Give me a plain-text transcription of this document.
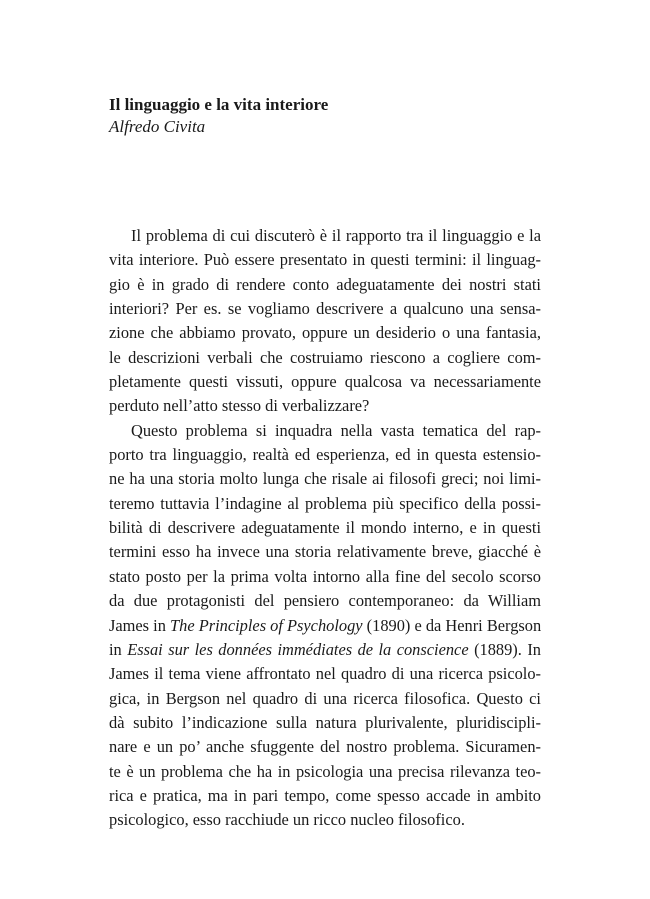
Il linguaggio e la vita interiore

Alfredo Civita

Il problema di cui discuterò è il rapporto tra il linguaggio e la
vita interiore. Può essere presentato in questi termini: il linguag-
gio è in grado di rendere conto adeguatamente dei nostri stati
interiori? Per es. se vogliamo descrivere a qualcuno una sensa-
zione che abbiamo provato, oppure un desiderio o una fantasia,
le descrizioni verbali che costruiamo riescono a cogliere com-
pletamente questi vissuti, oppure qualcosa va necessariamente
perduto nell’atto stesso di verbalizzare?
Questo problema si inquadra nella vasta tematica del rap-
porto tra linguaggio, realtà ed esperienza, ed in questa estensio-
ne ha una storia molto lunga che risale ai filosofi greci; noi limi-
teremo tuttavia l’indagine al problema più specifico della possi-
bilità di descrivere adeguatamente il mondo interno, e in questi
termini esso ha invece una storia relativamente breve, giacché è
stato posto per la prima volta intorno alla fine del secolo scorso
da due protagonisti del pensiero contemporaneo: da William
James in The Principles of Psychology (1890) e da Henri Bergson
in Essai sur les données immédiates de la conscience (1889). In
James il tema viene affrontato nel quadro di una ricerca psicolo-
gica, in Bergson nel quadro di una ricerca filosofica. Questo ci
dà subito l’indicazione sulla natura plurivalente, pluridiscipli-
nare e un po’ anche sfuggente del nostro problema. Sicuramen-
te è un problema che ha in psicologia una precisa rilevanza teo-
rica e pratica, ma in pari tempo, come spesso accade in ambito
psicologico, esso racchiude un ricco nucleo filosofico.
